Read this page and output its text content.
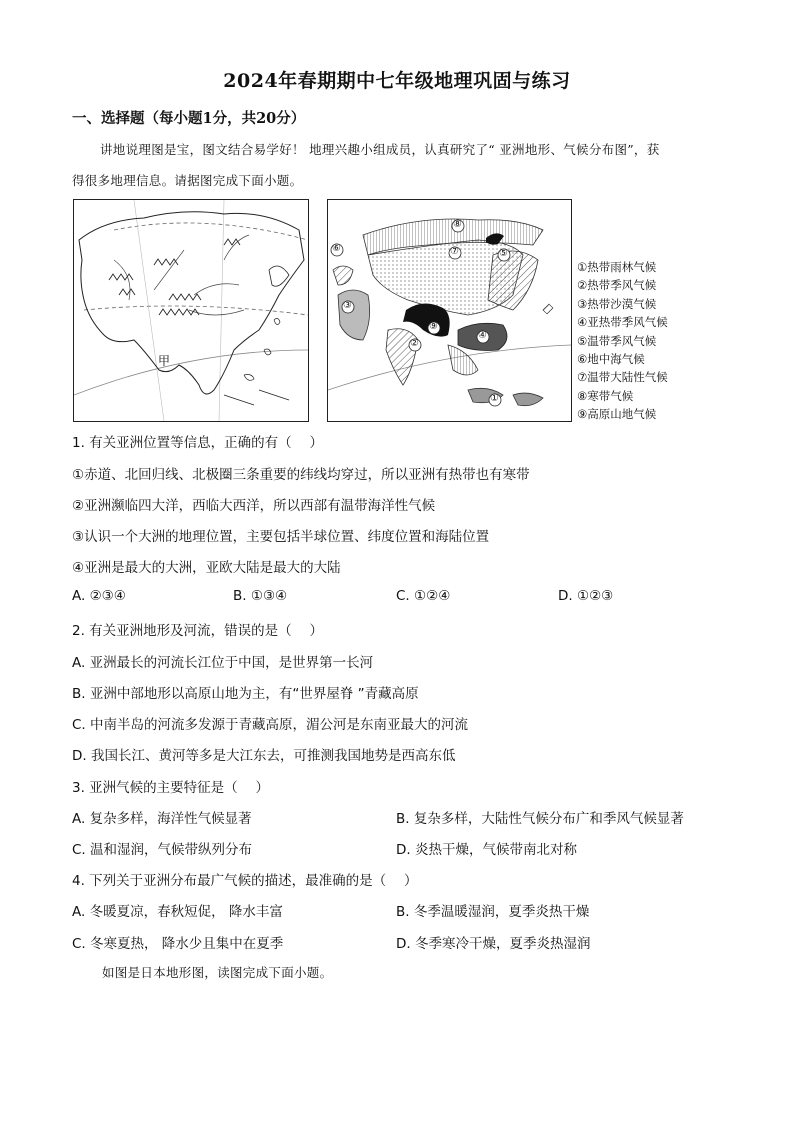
2024年春期期中七年级地理巩固与练习
一、选择题（每小题1分，共20分）
讲地说理图是宝，图文结合易学好！ 地理兴趣小组成员，认真研究了“ 亚洲地形、气候分布图”，获
得很多地理信息。请据图完成下面小题。
甲
①
②
③
④
⑤
⑥	⑦
⑧
⑨
①热带雨林气候
②热带季风气候
③热带沙漠气候
④亚热带季风气候
⑤温带季风气候
⑥地中海气候
⑦温带大陆性气候
⑧寒带气候
⑨高原山地气候
1. 有关亚洲位置等信息，正确的有（　 ）
①赤道、北回归线、北极圈三条重要的纬线均穿过，所以亚洲有热带也有寒带
②亚洲濒临四大洋，西临大西洋，所以西部有温带海洋性气候
③认识一个大洲的地理位置，主要包括半球位置、纬度位置和海陆位置
④亚洲是最大的大洲，亚欧大陆是最大的大陆
A. ②③④	B. ①③④	C. ①②④	D. ①②③
2. 有关亚洲地形及河流，错误的是（　 ）
A. 亚洲最长的河流长江位于中国，是世界第一长河
B. 亚洲中部地形以高原山地为主，有“世界屋脊 ”青藏高原
C. 中南半岛的河流多发源于青藏高原，湄公河是东南亚最大的河流
D. 我国长江、黄河等多是大江东去，可推测我国地势是西高东低
3. 亚洲气候的主要特征是（　 ）
A. 复杂多样，海洋性气候显著	B. 复杂多样，大陆性气候分布广和季风气候显著
C. 温和湿润，气候带纵列分布	D. 炎热干燥，气候带南北对称
4. 下列关于亚洲分布最广气候的描述，最准确的是（　 ）
A. 冬暖夏凉，春秋短促， 降水丰富	B. 冬季温暖湿润，夏季炎热干燥
C. 冬寒夏热， 降水少且集中在夏季	D. 冬季寒冷干燥，夏季炎热湿润
如图是日本地形图，读图完成下面小题。
